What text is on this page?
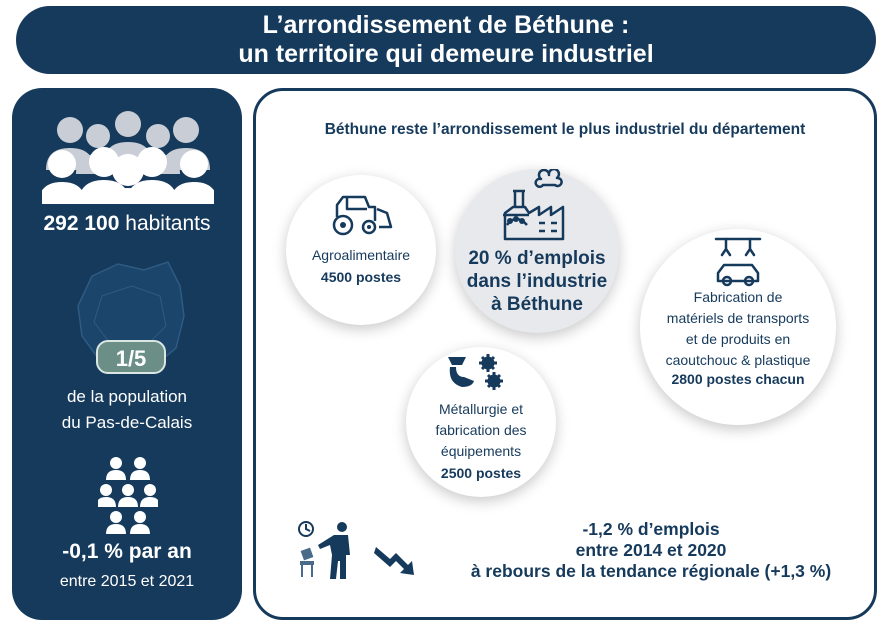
L’arrondissement de Béthune :
un territoire qui demeure industriel
292 100 habitants
1/5
de la population
du Pas-de-Calais
-0,1 % par an
entre 2015 et 2021
Béthune reste l’arrondissement le plus industriel du département
Agroalimentaire
4500 postes
20 % d’emplois
dans l’industrie
à Béthune	Fabrication de
matériels de transports
et de produits en
caoutchouc & plastique
2800 postes chacun
Métallurgie et
fabrication des
équipements
2500 postes
-1,2 % d’emplois
entre 2014 et 2020
à rebours de la tendance régionale (+1,3 %)
